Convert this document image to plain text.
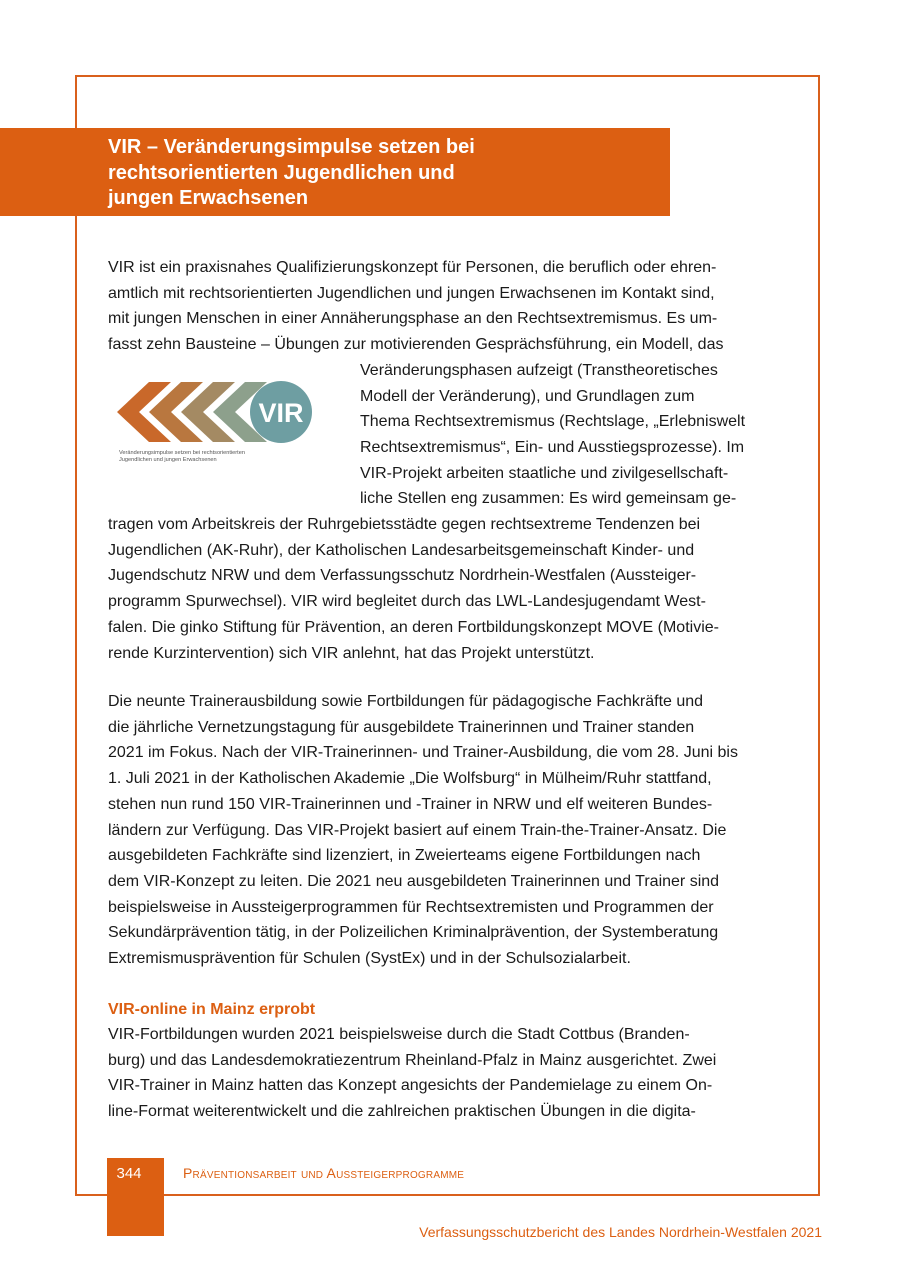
VIR – Veränderungsimpulse setzen bei
rechtsorientierten Jugendlichen und
jungen Erwachsenen
VIR ist ein praxisnahes Qualifizierungskonzept für Personen, die beruflich oder ehren-
amtlich mit rechtsorientierten Jugendlichen und jungen Erwachsenen im Kontakt sind,
mit jungen Menschen in einer Annäherungsphase an den Rechtsextremismus. Es um-
fasst zehn Bausteine – Übungen zur motivierenden Gesprächsführung, ein Modell, das
Veränderungsphasen aufzeigt (Transtheoretisches
Modell der Veränderung), und Grundlagen zum
Thema Rechtsextremismus (Rechtslage, „Erlebniswelt
Rechtsextremismus“, Ein- und Ausstiegsprozesse). Im
VIR-Projekt arbeiten staatliche und zivilgesellschaft-
liche Stellen eng zusammen: Es wird gemeinsam ge-
tragen vom Arbeitskreis der Ruhrgebietsstädte gegen rechtsextreme Tendenzen bei
Jugendlichen (AK-Ruhr), der Katholischen Landesarbeitsgemeinschaft Kinder- und
Jugendschutz NRW und dem Verfassungsschutz Nordrhein-Westfalen (Aussteiger-
programm Spurwechsel). VIR wird begleitet durch das LWL-Landesjugendamt West-
falen. Die ginko Stiftung für Prävention, an deren Fortbildungskonzept MOVE (Motivie-
rende Kurzintervention) sich VIR anlehnt, hat das Projekt unterstützt.
VIR
Veränderungsimpulse setzen bei rechtsorientierten
Jugendlichen und jungen Erwachsenen
Die neunte Trainerausbildung sowie Fortbildungen für pädagogische Fachkräfte und
die jährliche Vernetzungstagung für ausgebildete Trainerinnen und Trainer standen
2021 im Fokus. Nach der VIR-Trainerinnen- und Trainer-Ausbildung, die vom 28. Juni bis
1. Juli 2021 in der Katholischen Akademie „Die Wolfsburg“ in Mülheim/Ruhr stattfand,
stehen nun rund 150 VIR-Trainerinnen und -Trainer in NRW und elf weiteren Bundes-
ländern zur Verfügung. Das VIR-Projekt basiert auf einem Train-the-Trainer-Ansatz. Die
ausgebildeten Fachkräfte sind lizenziert, in Zweierteams eigene Fortbildungen nach
dem VIR-Konzept zu leiten. Die 2021 neu ausgebildeten Trainerinnen und Trainer sind
beispielsweise in Aussteigerprogrammen für Rechtsextremisten und Programmen der
Sekundärprävention tätig, in der Polizeilichen Kriminalprävention, der Systemberatung
Extremismusprävention für Schulen (SystEx) und in der Schulsozialarbeit.
VIR-online in Mainz erprobt
VIR-Fortbildungen wurden 2021 beispielsweise durch die Stadt Cottbus (Branden-
burg) und das Landesdemokratiezentrum Rheinland-Pfalz in Mainz ausgerichtet. Zwei
VIR-Trainer in Mainz hatten das Konzept angesichts der Pandemielage zu einem On-
line-Format weiterentwickelt und die zahlreichen praktischen Übungen in die digita-
344	Präventionsarbeit und Aussteigerprogramme

Verfassungsschutzbericht des Landes Nordrhein-Westfalen 2021
